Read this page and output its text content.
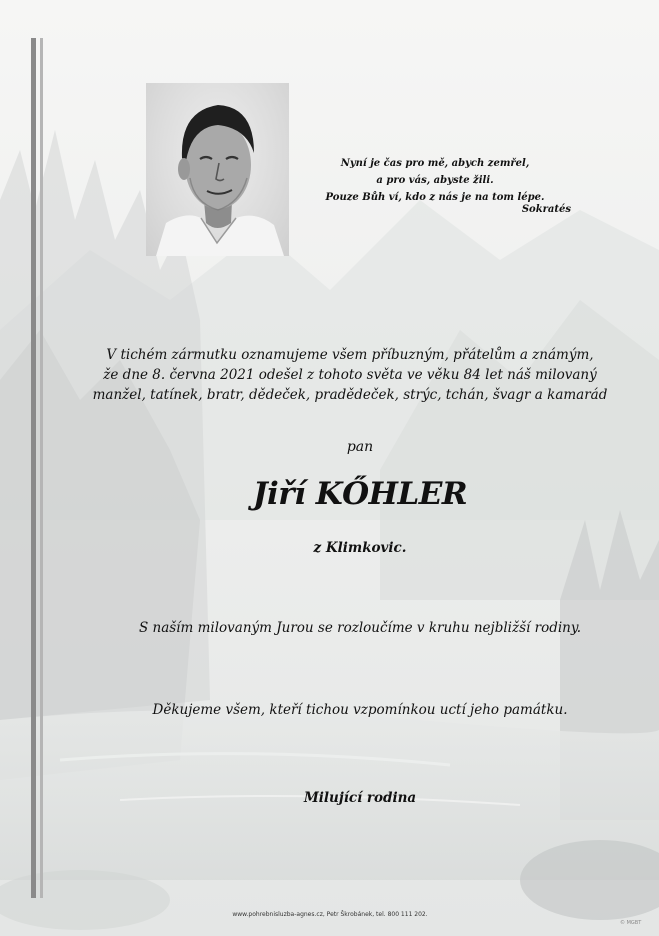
Nyní je čas pro mě, abych zemřel,
a pro vás, abyste žili.
Pouze Bůh ví, kdo z nás je na tom lépe.
Sokratés
V tichém zármutku oznamujeme všem příbuzným, přátelům a známým,
že dne 8. června 2021 odešel z tohoto světa ve věku 84 let náš milovaný
manžel, tatínek, bratr, dědeček, pradědeček, strýc, tchán, švagr a kamarád
pan
Jiří KŐHLER
z Klimkovic.
S naším milovaným Jurou se rozloučíme v kruhu nejbližší rodiny.
Děkujeme všem, kteří tichou vzpomínkou uctí jeho památku.
Milující rodina
www.pohrebnisluzba-agnes.cz, Petr Škrobánek, tel. 800 111 202.
© MGBT
